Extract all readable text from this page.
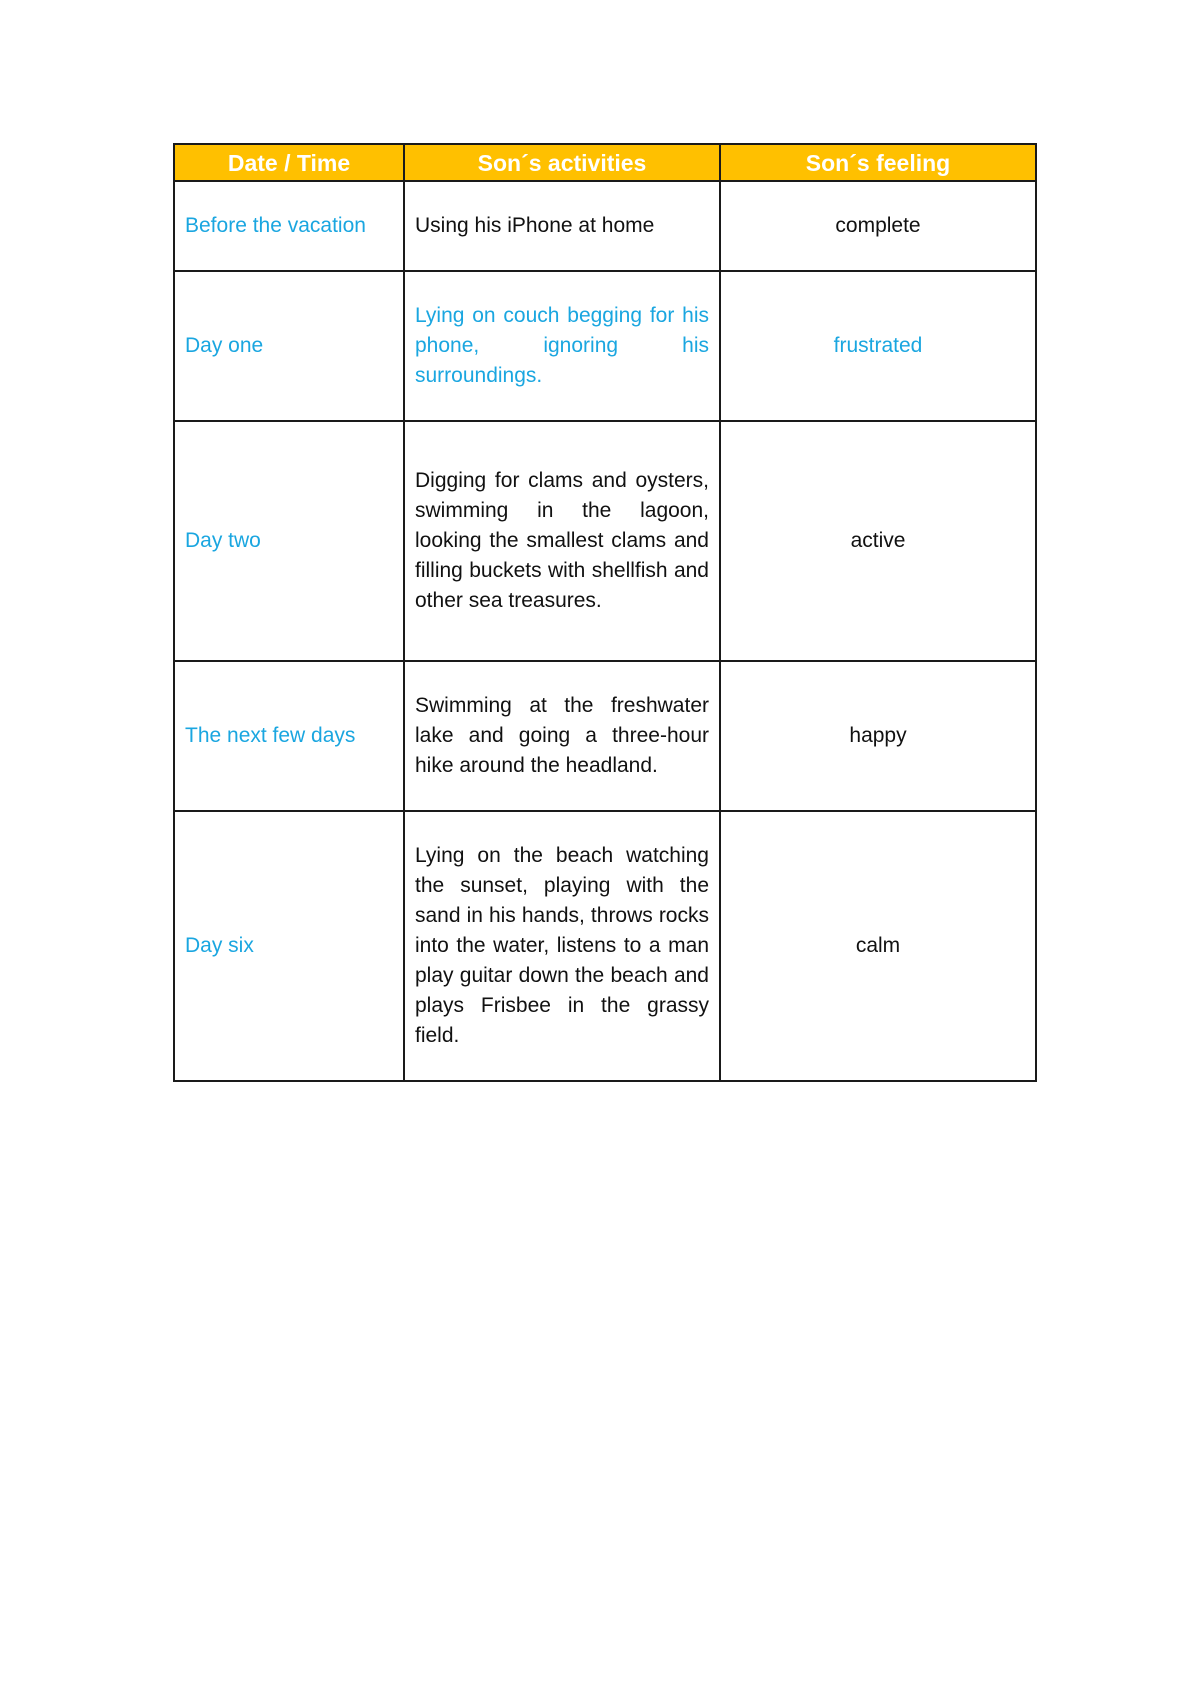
Date / Time	Son´s activities	Son´s feeling
Before the vacation	Using his iPhone at home	complete
Day one	Lying on couch begging for his phone, ignoring his surroundings.	frustrated
Day two	Digging for clams and oysters, swimming in the lagoon, looking the smallest clams and filling buckets with shellfish and other sea treasures.	active
The next few days	Swimming at the freshwater lake and going a three-hour hike around the headland.	happy
Day six	Lying on the beach watching the sunset, playing with the sand in his hands, throws rocks into the water, listens to a man play guitar down the beach and plays Frisbee in the grassy field.	calm
